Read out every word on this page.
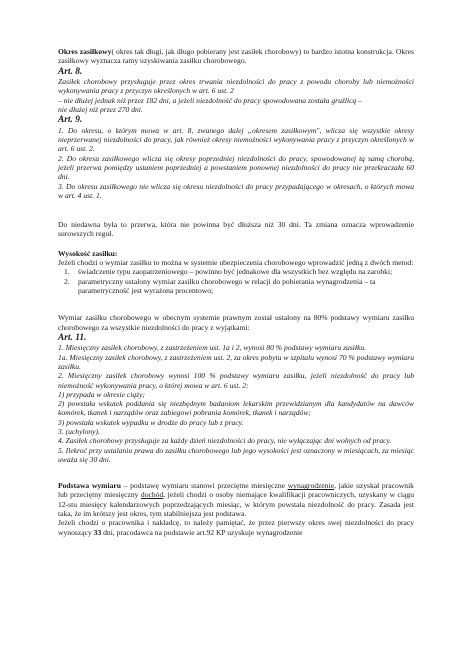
Okres zasiłkowy( okres tak długi, jak długo pobierany jest zasiłek chorobowy) to bardzo istotna konstrukcja. Okres zasiłkowy wyznacza ramy uzyskiwania zasiłku chorobowego.

Art. 8.

Zasiłek chorobowy przysługuje przez okres trwania niezdolności do pracy z powodu choroby lub niemożności wykonywania pracy z przyczyn określonych w art. 6 ust. 2

– nie dłużej jednak niż przez 182 dni, a jeżeli niezdolność do pracy spowodowana została gruźlicą –

nie dłużej niż przez 270 dni.

Art. 9.

1. Do okresu, o którym mowa w art. 8, zwanego dalej „okresem zasiłkowym", wlicza się wszystkie okresy nieprzerwanej niezdolności do pracy, jak również okresy niemożności wykonywania pracy z przyczyn określonych w art. 6 ust. 2.

2. Do okresu zasiłkowego wlicza się okresy poprzedniej niezdolności do pracy, spowodowanej tą samą chorobą, jeżeli przerwa pomiędzy ustaniem poprzedniej a powstaniem ponownej niezdolności do pracy nie przekraczała 60 dni.

3. Do okresu zasiłkowego nie wlicza się okresu niezdolności do pracy przypadającego w okresach, o których mowa w art. 4 ust. 1.

Do niedawna była to przerwa, która nie powinna być dłuższa niż 30 dni. Ta zmiana oznacza wprowadzenie surowszych reguł.

Wysokość zasiłku:

Jeżeli chodzi o wymiar zasiłku to można w systemie ubezpieczenia chorobowego wprowadzić jedną z dwóch metod:

1.	świadczenie typu zaopatrzeniowego – powinno być jednakowe dla wszystkich bez względu na zarobki;
2.	parametryczny ustalony wymiar zasiłku chorobowego w relacji do pobierania wynagrodzenia – ta parametryczność jest wyrażona procentowo;

Wymiar zasiłku chorobowego w obecnym systemie prawnym został ustalony na 80% podstawy wymiaru zasiłku chorobowego za wszystkie niezdolności do pracy z wyjątkami:

Art. 11.

1. Miesięczny zasiłek chorobowy, z zastrzeżeniem ust. 1a i 2, wynosi 80 % podstawy wymiaru zasiłku.

1a. Miesięczny zasiłek chorobowy, z zastrzeżeniem ust. 2, za okres pobytu w szpitalu wynosi 70 % podstawy wymiaru zasiłku.

2. Miesięczny zasiłek chorobowy wynosi 100 % podstawy wymiaru zasiłku, jeżeli niezdolność do pracy lub niemożność wykonywania pracy, o której mowa w art. 6 ust. 2:

1) przypada w okresie ciąży;

2) powstała wskutek poddania się niezbędnym badaniom lekarskim przewidzianym dla kandydatów na dawców komórek, tkanek i narządów oraz zabiegowi pobrania komórek, tkanek i narządów;

3) powstała wskutek wypadku w drodze do pracy lub z pracy.

3. (uchylony).

4. Zasiłek chorobowy przysługuje za każdy dzień niezdolności do pracy, nie wyłączając dni wolnych od pracy.

5. Ilekroć przy ustalaniu prawa do zasiłku chorobowego lub jego wysokości jest oznaczony w miesiącach, za miesiąc uważa się 30 dni.

Podstawa wymiaru – podstawę wymiaru stanowi przeciętne miesięczne wynagrodzenie, jakie uzyskał pracownik lub przeciętny miesięczny dochód, jeżeli chodzi o osoby niemające kwalifikacji pracowniczych, uzyskany w ciągu 12-stu miesięcy kalendarzowych poprzedzających miesiąc, w którym powstała niezdolność do pracy. Zasada jest taka, że im krótszy jest okres, tym stabilniejsza jest podstawa.

Jeżeli chodzi o pracownika i nakładcę, to należy pamiętać, że przez pierwszy okres swej niezdolności do pracy wynoszący 33 dni, pracodawca na podstawie art.92 KP uzyskuje wynagrodzenie
